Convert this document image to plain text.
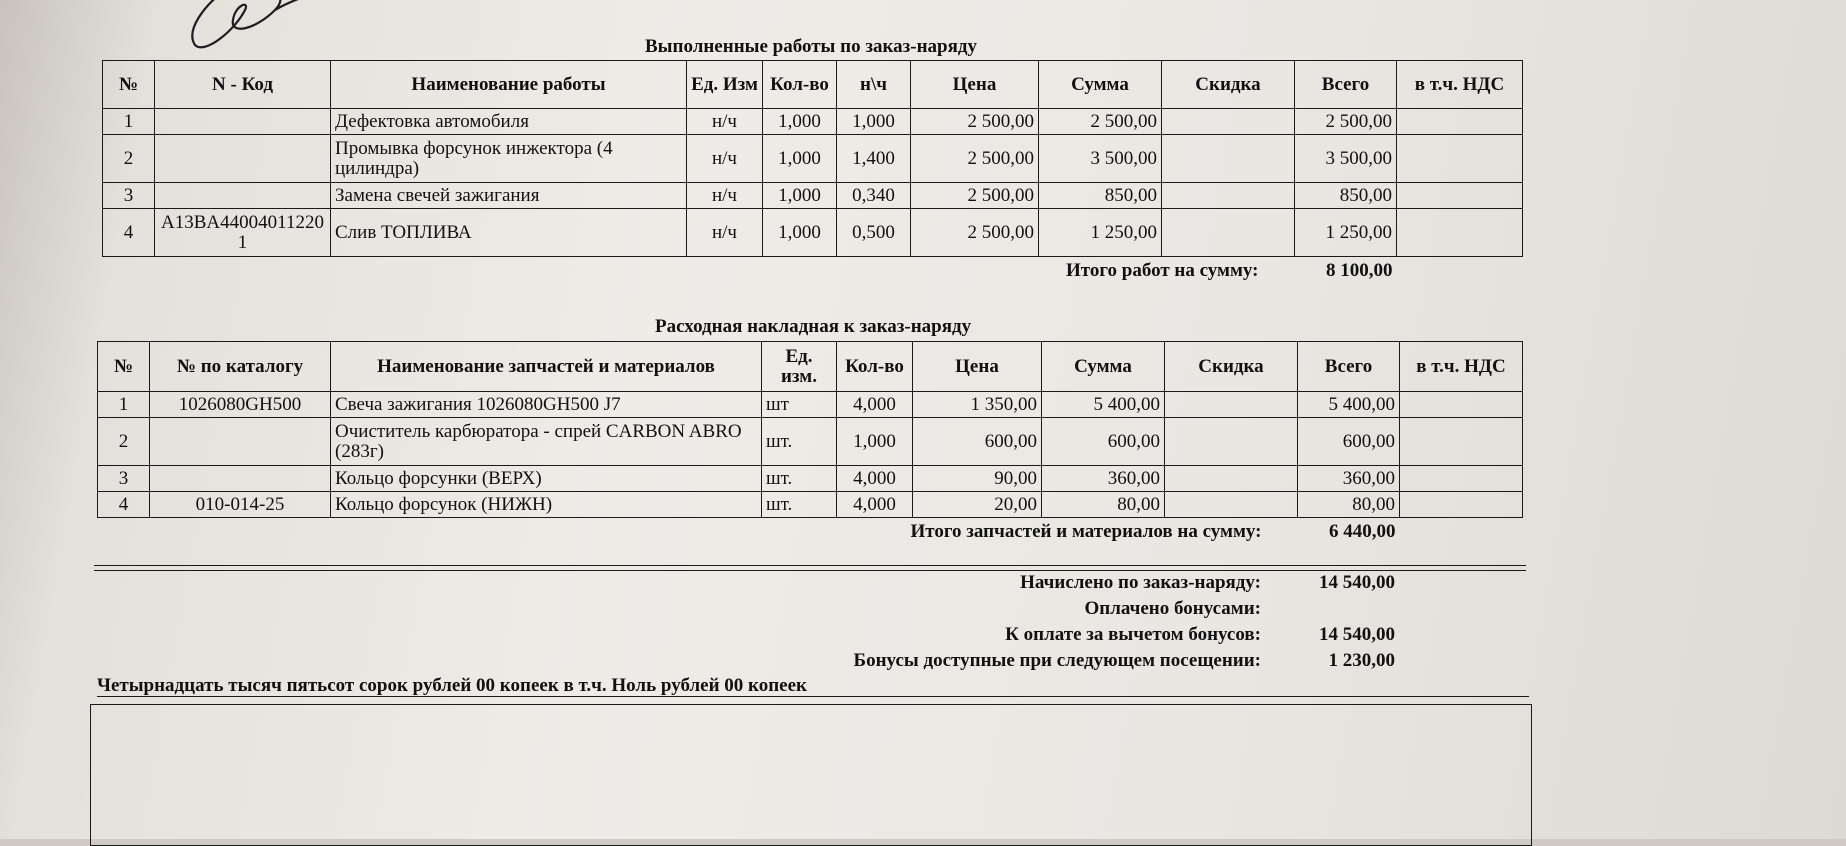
Выполненные работы по заказ-наряду
№	N - Код	Наименование работы	Ед. Изм	Кол-во	н\ч	Цена	Сумма	Скидка	Всего	в т.ч. НДС
1		Дефектовка автомобиля	н/ч	1,000	1,000	2 500,00	2 500,00		2 500,00	
2		Промывка форсунок инжектора (4 цилиндра)	н/ч	1,000	1,400	2 500,00	3 500,00		3 500,00	
3		Замена свечей зажигания	н/ч	1,000	0,340	2 500,00	850,00		850,00	
4	A13BA440040112201	Слив ТОПЛИВА	н/ч	1,000	0,500	2 500,00	1 250,00		1 250,00	
Итого работ на сумму:									8 100,00	
Расходная накладная к заказ-наряду
№	№ по каталогу	Наименование запчастей и материалов	Ед. изм.	Кол-во	Цена	Сумма	Скидка	Всего	в т.ч. НДС
1	1026080GH500	Свеча зажигания 1026080GH500 J7	шт	4,000	1 350,00	5 400,00		5 400,00	
2		Очиститель карбюратора - спрей CARBON ABRO (283г)	шт.	1,000	600,00	600,00		600,00	
3		Кольцо форсунки (ВЕРХ)	шт.	4,000	90,00	360,00		360,00	
4	010-014-25	Кольцо форсунок (НИЖН)	шт.	4,000	20,00	80,00		80,00	
Итого запчастей и материалов на сумму:								6 440,00	
Начислено по заказ-наряду:	14 540,00
Оплачено бонусами:
К оплате за вычетом бонусов:	14 540,00
Бонусы доступные при следующем посещении:	1 230,00
Четырнадцать тысяч пятьсот сорок рублей 00 копеек в т.ч. Ноль рублей 00 копеек
